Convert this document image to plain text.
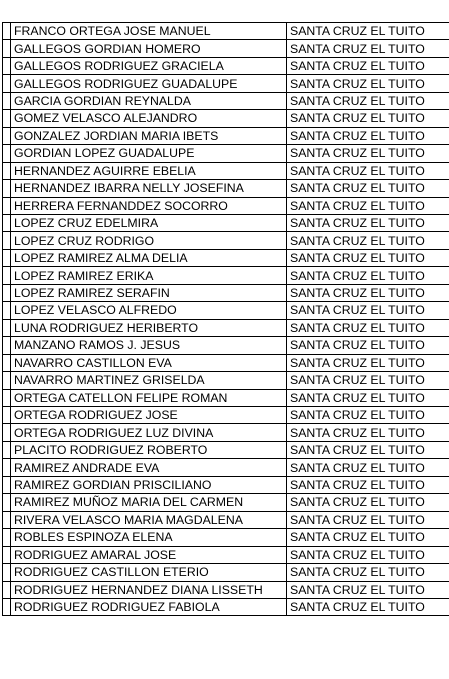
	FRANCO ORTEGA JOSE MANUEL	SANTA CRUZ EL TUITO
	GALLEGOS GORDIAN HOMERO	SANTA CRUZ EL TUITO
	GALLEGOS RODRIGUEZ GRACIELA	SANTA CRUZ EL TUITO
	GALLEGOS RODRIGUEZ GUADALUPE	SANTA CRUZ EL TUITO
	GARCIA GORDIAN REYNALDA	SANTA CRUZ EL TUITO
	GOMEZ VELASCO ALEJANDRO	SANTA CRUZ EL TUITO
	GONZALEZ JORDIAN MARIA IBETS	SANTA CRUZ EL TUITO
	GORDIAN LOPEZ GUADALUPE	SANTA CRUZ EL TUITO
	HERNANDEZ AGUIRRE EBELIA	SANTA CRUZ EL TUITO
	HERNANDEZ IBARRA NELLY JOSEFINA	SANTA CRUZ EL TUITO
	HERRERA FERNANDDEZ SOCORRO	SANTA CRUZ EL TUITO
	LOPEZ CRUZ EDELMIRA	SANTA CRUZ EL TUITO
	LOPEZ CRUZ RODRIGO	SANTA CRUZ EL TUITO
	LOPEZ RAMIREZ ALMA DELIA	SANTA CRUZ EL TUITO
	LOPEZ RAMIREZ ERIKA	SANTA CRUZ EL TUITO
	LOPEZ RAMIREZ SERAFIN	SANTA CRUZ EL TUITO
	LOPEZ VELASCO ALFREDO	SANTA CRUZ EL TUITO
	LUNA RODRIGUEZ HERIBERTO	SANTA CRUZ EL TUITO
	MANZANO RAMOS J. JESUS	SANTA CRUZ EL TUITO
	NAVARRO CASTILLON EVA	SANTA CRUZ EL TUITO
	NAVARRO MARTINEZ GRISELDA	SANTA CRUZ EL TUITO
	ORTEGA CATELLON FELIPE ROMAN	SANTA CRUZ EL TUITO
	ORTEGA RODRIGUEZ JOSE	SANTA CRUZ EL TUITO
	ORTEGA RODRIGUEZ LUZ DIVINA	SANTA CRUZ EL TUITO
	PLACITO RODRIGUEZ ROBERTO	SANTA CRUZ EL TUITO
	RAMIREZ ANDRADE EVA	SANTA CRUZ EL TUITO
	RAMIREZ GORDIAN PRISCILIANO	SANTA CRUZ EL TUITO
	RAMIREZ MUÑOZ MARIA DEL CARMEN	SANTA CRUZ EL TUITO
	RIVERA VELASCO MARIA MAGDALENA	SANTA CRUZ EL TUITO
	ROBLES ESPINOZA ELENA	SANTA CRUZ EL TUITO
	RODRIGUEZ AMARAL JOSE	SANTA CRUZ EL TUITO
	RODRIGUEZ CASTILLON ETERIO	SANTA CRUZ EL TUITO
	RODRIGUEZ HERNANDEZ DIANA LISSETH	SANTA CRUZ EL TUITO
	RODRIGUEZ RODRIGUEZ FABIOLA	SANTA CRUZ EL TUITO
